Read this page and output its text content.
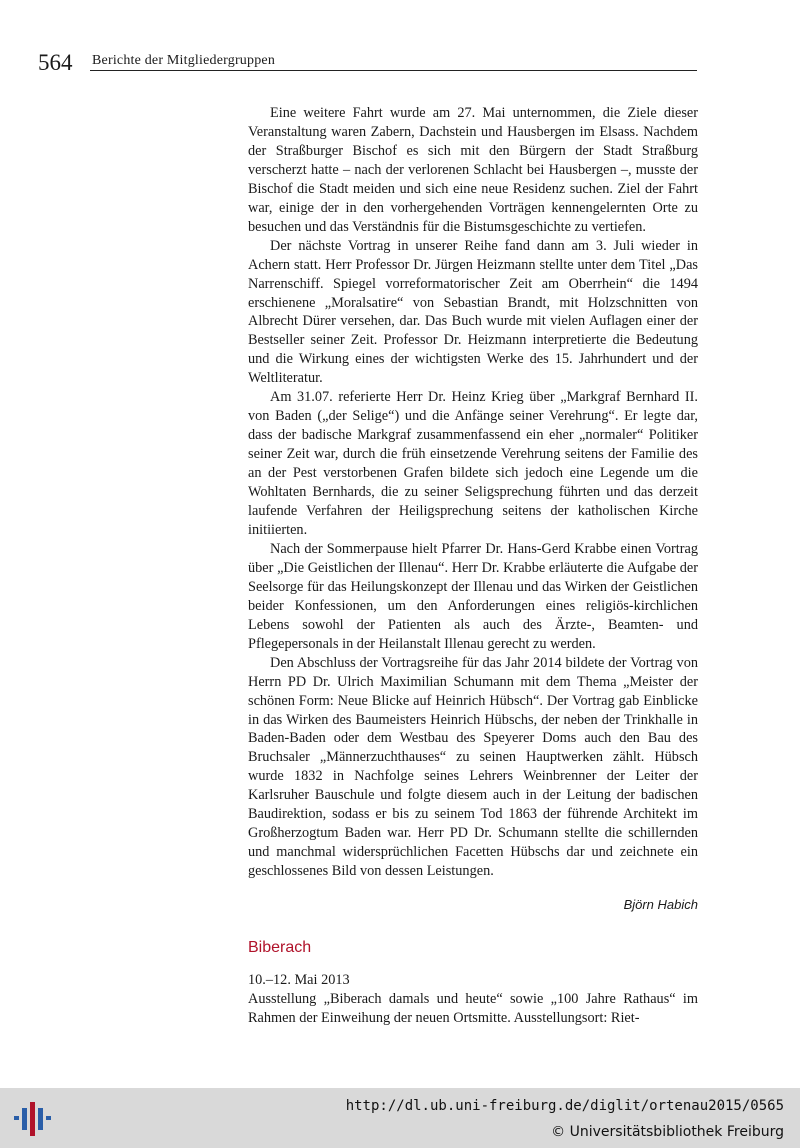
564 Berichte der Mitgliedergruppen

Eine weitere Fahrt wurde am 27. Mai unternommen, die Ziele dieser Veranstaltung waren Zabern, Dachstein und Hausbergen im Elsass. Nachdem der Straßburger Bischof es sich mit den Bürgern der Stadt Straßburg verscherzt hatte – nach der verlorenen Schlacht bei Hausbergen –, musste der Bischof die Stadt meiden und sich eine neue Residenz suchen. Ziel der Fahrt war, einige der in den vorhergehenden Vorträgen kennengelernten Orte zu besuchen und das Verständnis für die Bistumsgeschichte zu vertiefen.

Der nächste Vortrag in unserer Reihe fand dann am 3. Juli wieder in Achern statt. Herr Professor Dr. Jürgen Heizmann stellte unter dem Titel „Das Narrenschiff. Spiegel vorreformatorischer Zeit am Oberrhein“ die 1494 erschienene „Moralsatire“ von Sebastian Brandt, mit Holzschnitten von Albrecht Dürer versehen, dar. Das Buch wurde mit vielen Auflagen einer der Bestseller seiner Zeit. Professor Dr. Heizmann interpretierte die Bedeutung und die Wirkung eines der wichtigsten Werke des 15. Jahrhundert und der Weltliteratur.

Am 31.07. referierte Herr Dr. Heinz Krieg über „Markgraf Bernhard II. von Baden („der Selige“) und die Anfänge seiner Verehrung“. Er legte dar, dass der badische Markgraf zusammenfassend ein eher „normaler“ Politiker seiner Zeit war, durch die früh einsetzende Verehrung seitens der Familie des an der Pest verstorbenen Grafen bildete sich jedoch eine Legende um die Wohltaten Bernhards, die zu seiner Seligsprechung führten und das derzeit laufende Verfahren der Heiligsprechung seitens der katholischen Kirche initiierten.

Nach der Sommerpause hielt Pfarrer Dr. Hans-Gerd Krabbe einen Vortrag über „Die Geistlichen der Illenau“. Herr Dr. Krabbe erläuterte die Aufgabe der Seelsorge für das Heilungskonzept der Illenau und das Wirken der Geistlichen beider Konfessionen, um den Anforderungen eines religiös-kirchlichen Lebens sowohl der Patienten als auch des Ärzte-, Beamten- und Pflegepersonals in der Heilanstalt Illenau gerecht zu werden.

Den Abschluss der Vortragsreihe für das Jahr 2014 bildete der Vortrag von Herrn PD Dr. Ulrich Maximilian Schumann mit dem Thema „Meister der schönen Form: Neue Blicke auf Heinrich Hübsch“. Der Vortrag gab Einblicke in das Wirken des Baumeisters Heinrich Hübschs, der neben der Trinkhalle in Baden-Baden oder dem Westbau des Speyerer Doms auch den Bau des Bruchsaler „Männerzuchthauses“ zu seinen Hauptwerken zählt. Hübsch wurde 1832 in Nachfolge seines Lehrers Weinbrenner der Leiter der Karlsruher Bauschule und folgte diesem auch in der Leitung der badischen Baudirektion, sodass er bis zu seinem Tod 1863 der führende Architekt im Großherzogtum Baden war. Herr PD Dr. Schumann stellte die schillernden und manchmal widersprüchlichen Facetten Hübschs dar und zeichnete ein geschlossenes Bild von dessen Leistungen.

Björn Habich
Biberach
10.–12. Mai 2013
Ausstellung „Biberach damals und heute“ sowie „100 Jahre Rathaus“ im Rahmen der Einweihung der neuen Ortsmitte. Ausstellungsort: Riet-
http://dl.ub.uni-freiburg.de/diglit/ortenau2015/0565
© Universitätsbibliothek Freiburg
